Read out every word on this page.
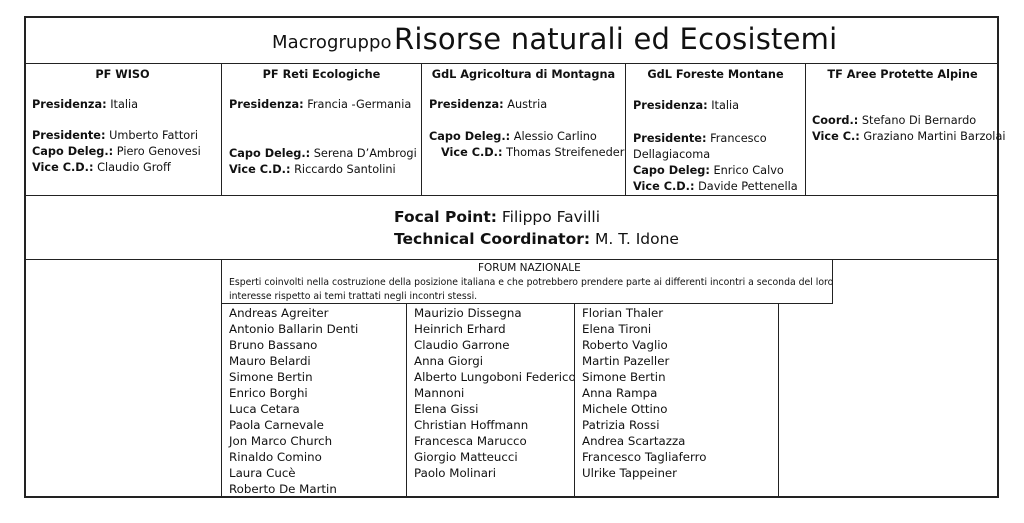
Macrogruppo Risorse naturali ed Ecosistemi
PF WISO
Presidenza: Italia
Presidente: Umberto Fattori
Capo Deleg.: Piero Genovesi
Vice C.D.: Claudio Groff
PF Reti Ecologiche
Presidenza: Francia -Germania
Capo Deleg.: Serena D’Ambrogi
Vice C.D.: Riccardo Santolini
GdL Agricoltura di Montagna
Presidenza: Austria
Capo Deleg.: Alessio Carlino
Vice C.D.: Thomas Streifeneder
GdL Foreste Montane
Presidenza: Italia
Presidente: Francesco
Dellagiacoma
Capo Deleg: Enrico Calvo
Vice C.D.: Davide Pettenella
TF Aree Protette Alpine
Coord.: Stefano Di Bernardo
Vice C.: Graziano Martini Barzolai
Focal Point: Filippo Favilli
Technical Coordinator: M. T. Idone
FORUM NAZIONALE
Esperti coinvolti nella costruzione della posizione italiana e che potrebbero prendere parte ai differenti incontri a seconda del loro
interesse rispetto ai temi trattati negli incontri stessi.
Andreas Agreiter
Antonio Ballarin Denti
Bruno Bassano
Mauro Belardi
Simone Bertin
Enrico Borghi
Luca Cetara
Paola Carnevale
Jon Marco Church
Rinaldo Comino
Laura Cucè
Roberto De Martin
Maurizio Dissegna
Heinrich Erhard
Claudio Garrone
Anna Giorgi
Alberto Lungoboni Federico
Mannoni
Elena Gissi
Christian Hoffmann
Francesca Marucco
Giorgio Matteucci
Paolo Molinari
Florian Thaler
Elena Tironi
Roberto Vaglio
Martin Pazeller
Simone Bertin
Anna Rampa
Michele Ottino
Patrizia Rossi
Andrea Scartazza
Francesco Tagliaferro
Ulrike Tappeiner
